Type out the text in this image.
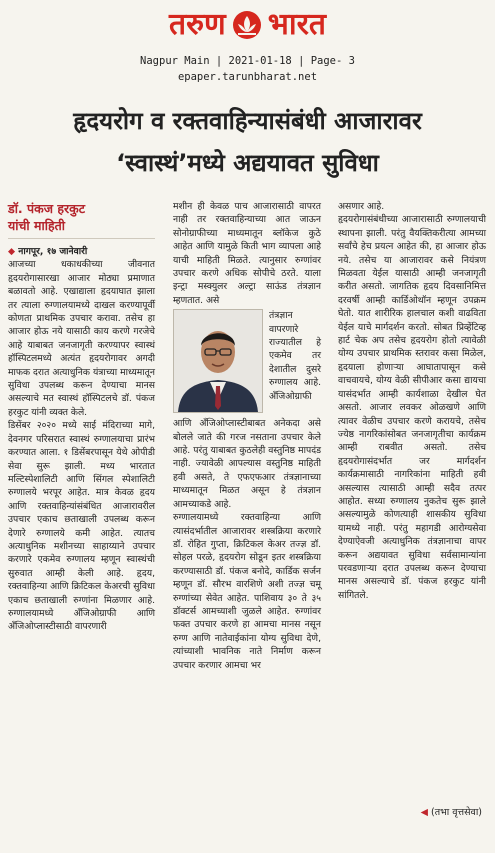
तरुण भारत
Nagpur Main | 2021-01-18 | Page- 3
epaper.tarunbharat.net
हृदयरोग व रक्तवाहिन्यासंबंधी आजारावर
‘स्वास्थं’मध्ये अद्ययावत सुविधा
डॉ. पंकज हरकुट
यांची माहिती

◆ नागपूर, १७ जानेवारी

आजच्या धकाधकीच्या जीवनात हृदयरोगासारखा आजार मोठ्या प्रमाणात बळावतो आहे. एखाद्याला हृदयाघात झाला तर त्याला रुग्णालयामध्ये दाखल करण्यापूर्वी कोणता प्राथमिक उपचार करावा. तसेच हा आजार होऊ नये यासाठी काय करणे गरजेचे आहे याबाबत जनजागृती करण्यापर स्वास्थं हॉस्पिटलमध्ये अत्यंत हृदयरोगावर अगदी माफक दरात अत्याधुनिक यंत्राच्या माध्यमातून सुविधा उपलब्ध करून देण्याचा मानस असल्याचे मत स्वास्थं हॉस्पिटलचे डॉ. पंकज हरकुट यांनी व्यक्त केले.

डिसेंबर २०२० मध्ये साई मंदिराच्या मागे, देवनगर परिसरात स्वास्थं रुग्णालयाचा प्रारंभ करण्यात आला. १ डिसेंबरपासून येथे ओपीडी सेवा सुरू झाली. मध्य भारतात मल्टिस्पेशालिटी आणि सिंगल स्पेशालिटी रुग्णालये भरपूर आहेत. मात्र केवळ हृदय आणि रक्तवाहिन्यांसंबंधित आजारावरील उपचार एकाच छताखाली उपलब्ध करून देणारे रुग्णालये कमी आहेत. त्यातच अत्याधुनिक मशीनच्या साहाय्याने उपचार करणारे एकमेव रुग्णालय म्हणून स्वास्थंची सुरुवात आम्ही केली आहे. हृदय, रक्तवाहिन्या आणि क्रिटिकल केअरची सुविधा एकाच छताखाली रुग्णांना मिळणार आहे. रुग्णालयामध्ये अँजिओग्राफी आणि अँजिओप्लास्टीसाठी वापरणारी

मशीन ही केवळ पाच आजारासाठी वापरत नाही तर रक्तवाहिन्याच्या आत जाऊन सोनोग्राफीच्या माध्यमातून ब्लॉकेज कुठे आहेत आणि यामुळे किती भाग व्यापला आहे याची माहिती मिळते. त्यानुसार रुग्णांवर उपचार करणे अधिक सोपीचे ठरते. याला इन्ट्रा मस्क्युलर अल्ट्रा साऊंड तंत्रज्ञान म्हणतात. असे

तंत्रज्ञान वापरणारे राज्यातील हे एकमेव तर देशातील दुसरे रुग्णालय आहे. अँजिओग्राफी

आणि अँजिओप्लास्टीबाबत अनेकदा असे बोलले जाते की गरज नसताना उपचार केले आहे. परंतु याबाबत कुठलेही वस्तुनिष्ठ मापदंड नाही. ज्यावेळी आपल्यास वस्तुनिष्ठ माहिती हवी असते, ते एफएफआर तंत्रज्ञानाच्या माध्यमातून मिळत असून हे तंत्रज्ञान आमच्याकडे आहे.

रुग्णालयामध्ये रक्तवाहिन्या आणि त्यासंदर्भातील आजारावर शस्त्रक्रिया करणारे डॉ. रोहित गुप्ता, क्रिटिकल केअर तज्ज्ञ डॉ. सोहल परळे, हृदयरोग सोडून इतर शस्त्रक्रिया करण्यासाठी डॉ. पंकज बनोदे, कार्डिक सर्जन म्हणून डॉ. सौरभ वारशिणे अशी तज्ज्ञ चमू रुग्णांच्या सेवेत आहेत. पाशिवाय ३० ते ३५ डॉक्टर्स आमच्याशी जुळले आहेत. रुग्णांवर फक्त उपचार करणे हा आमचा मानस नसून रुग्ण आणि नातेवाईकांना योग्य सुविधा देणे, त्यांच्याशी भावनिक नाते निर्माण करून उपचार करणार आमचा भर

असणार आहे.

हृदयरोगासंबंधीच्या आजारासाठी रुग्णालयाची स्थापना झाली. परंतु वैयक्तिकरीत्या आमच्या सर्वांचे हेच प्रयत्न आहेत की, हा आजार होऊ नये. तसेच या आजारावर कसे नियंत्रण मिळवता येईल यासाठी आम्ही जनजागृती करीत असतो. जागतिक हृदय दिवसानिमित्त दरवर्षी आम्ही कार्डिओथॉन म्हणून उपक्रम घेतो. यात शारीरिक हालचाल कशी वाढविता येईल याचे मार्गदर्शन करतो. सोबत प्रिव्हेंटिव्ह हार्ट चेक अप तसेच हृदयरोग होतो त्यावेळी योग्य उपचार प्राथमिक स्तरावर कसा मिळेल, हृदयाला होणाऱ्या आघातापासून कसे वाचवायचे, योग्य वेळी सीपीआर कसा द्यायचा यासंदर्भात आम्ही कार्यशाळा देखील घेत असतो. आजार लवकर ओळखणे आणि त्यावर वेळीच उपचार करणे करायचे, तसेच ज्येष्ठ नागरिकांसोबत जनजागृतीचा कार्यक्रम आम्ही राबवीत असतो. तसेच हृदयरोगासंदर्भात जर मार्गदर्शन कार्यक्रमासाठी नागरिकांना माहिती हवी असल्यास त्यासाठी आम्ही सदैव तत्पर आहोत. सध्या रुग्णालय नुकतेच सुरू झाले असल्यामुळे कोणत्याही शासकीय सुविधा यामध्ये नाही. परंतु महागडी आरोग्यसेवा देण्याऐवजी अत्याधुनिक तंत्रज्ञानाचा वापर करून अद्ययावत सुविधा सर्वसामान्यांना परवडणाऱ्या दरात उपलब्ध करून देण्याचा मानस असल्याचे डॉ. पंकज हरकुट यांनी सांगितले.

◀ (तभा वृत्तसेवा)
